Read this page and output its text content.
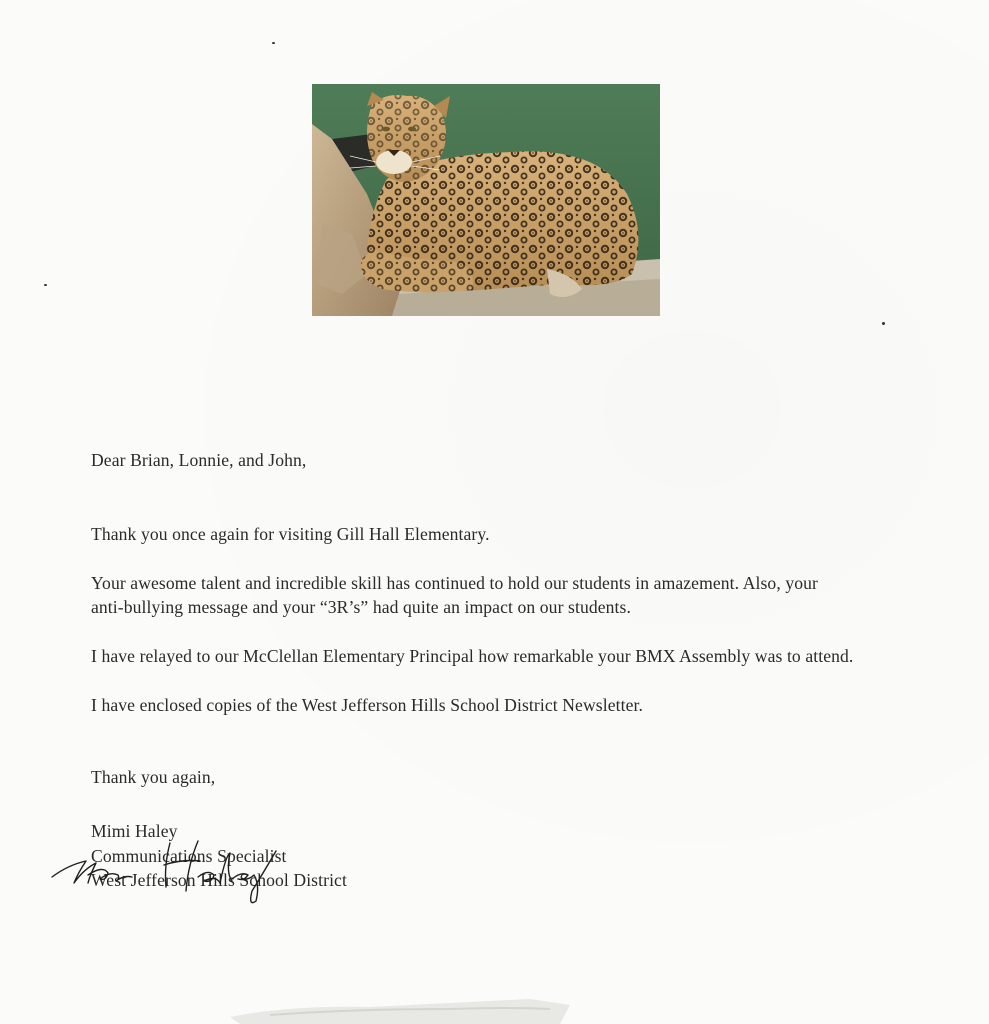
Dear Brian, Lonnie, and John,

Thank you once again for visiting Gill Hall Elementary.

Your awesome talent and incredible skill has continued to hold our students in amazement. Also, your anti-bullying message and your “3R’s” had quite an impact on our students.

I have relayed to our McClellan Elementary Principal how remarkable your BMX Assembly was to attend.

I have enclosed copies of the West Jefferson Hills School District Newsletter.

Thank you again,

Mimi Haley

Communications Specialist

West Jefferson Hills School District
